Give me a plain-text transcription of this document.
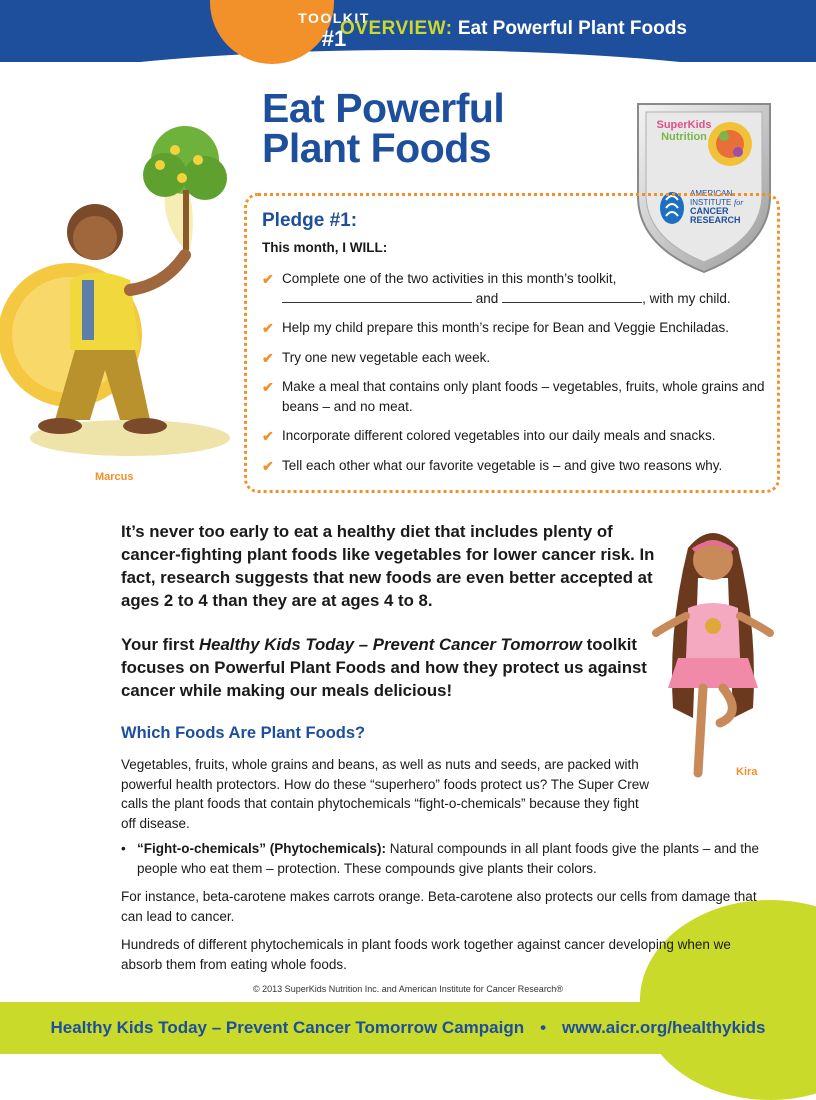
TOOLKIT
#1
OVERVIEW: Eat Powerful Plant Foods
Eat Powerful
Plant Foods	SuperKids
Nutrition
AMERICAN
INSTITUTE for
CANCER
RESEARCH
Marcus
Kira
Pledge #1:
This month, I WILL:
✔ Complete one of the two activities in this month’s toolkit,
and	, with my child.
✔ Help my child prepare this month’s recipe for Bean and Veggie Enchiladas.
✔ Try one new vegetable each week.
✔ Make a meal that contains only plant foods – vegetables, fruits, whole grains and beans – and no meat.
✔ Incorporate different colored vegetables into our daily meals and snacks.
✔ Tell each other what our favorite vegetable is – and give two reasons why.
It’s never too early to eat a healthy diet that includes plenty of cancer-fighting plant foods like vegetables for lower cancer risk. In fact, research suggests that new foods are even better accepted at ages 2 to 4 than they are at ages 4 to 8.
Your first Healthy Kids Today – Prevent Cancer Tomorrow toolkit focuses on Powerful Plant Foods and how they protect us against cancer while making our meals delicious!
Which Foods Are Plant Foods?
Vegetables, fruits, whole grains and beans, as well as nuts and seeds, are packed with powerful health protectors. How do these “superhero” foods protect us? The Super Crew calls the plant foods that contain phytochemicals “fight-o-chemicals” because they fight off disease.
• “Fight-o-chemicals” (Phytochemicals): Natural compounds in all plant foods give the plants – and the people who eat them – protection. These compounds give plants their colors.
For instance, beta-carotene makes carrots orange. Beta-carotene also protects our cells from damage that can lead to cancer.
Hundreds of different phytochemicals in plant foods work together against cancer developing when we absorb them from eating whole foods.
© 2013 SuperKids Nutrition Inc. and American Institute for Cancer Research®
Healthy Kids Today – Prevent Cancer Tomorrow Campaign • www.aicr.org/healthykids
